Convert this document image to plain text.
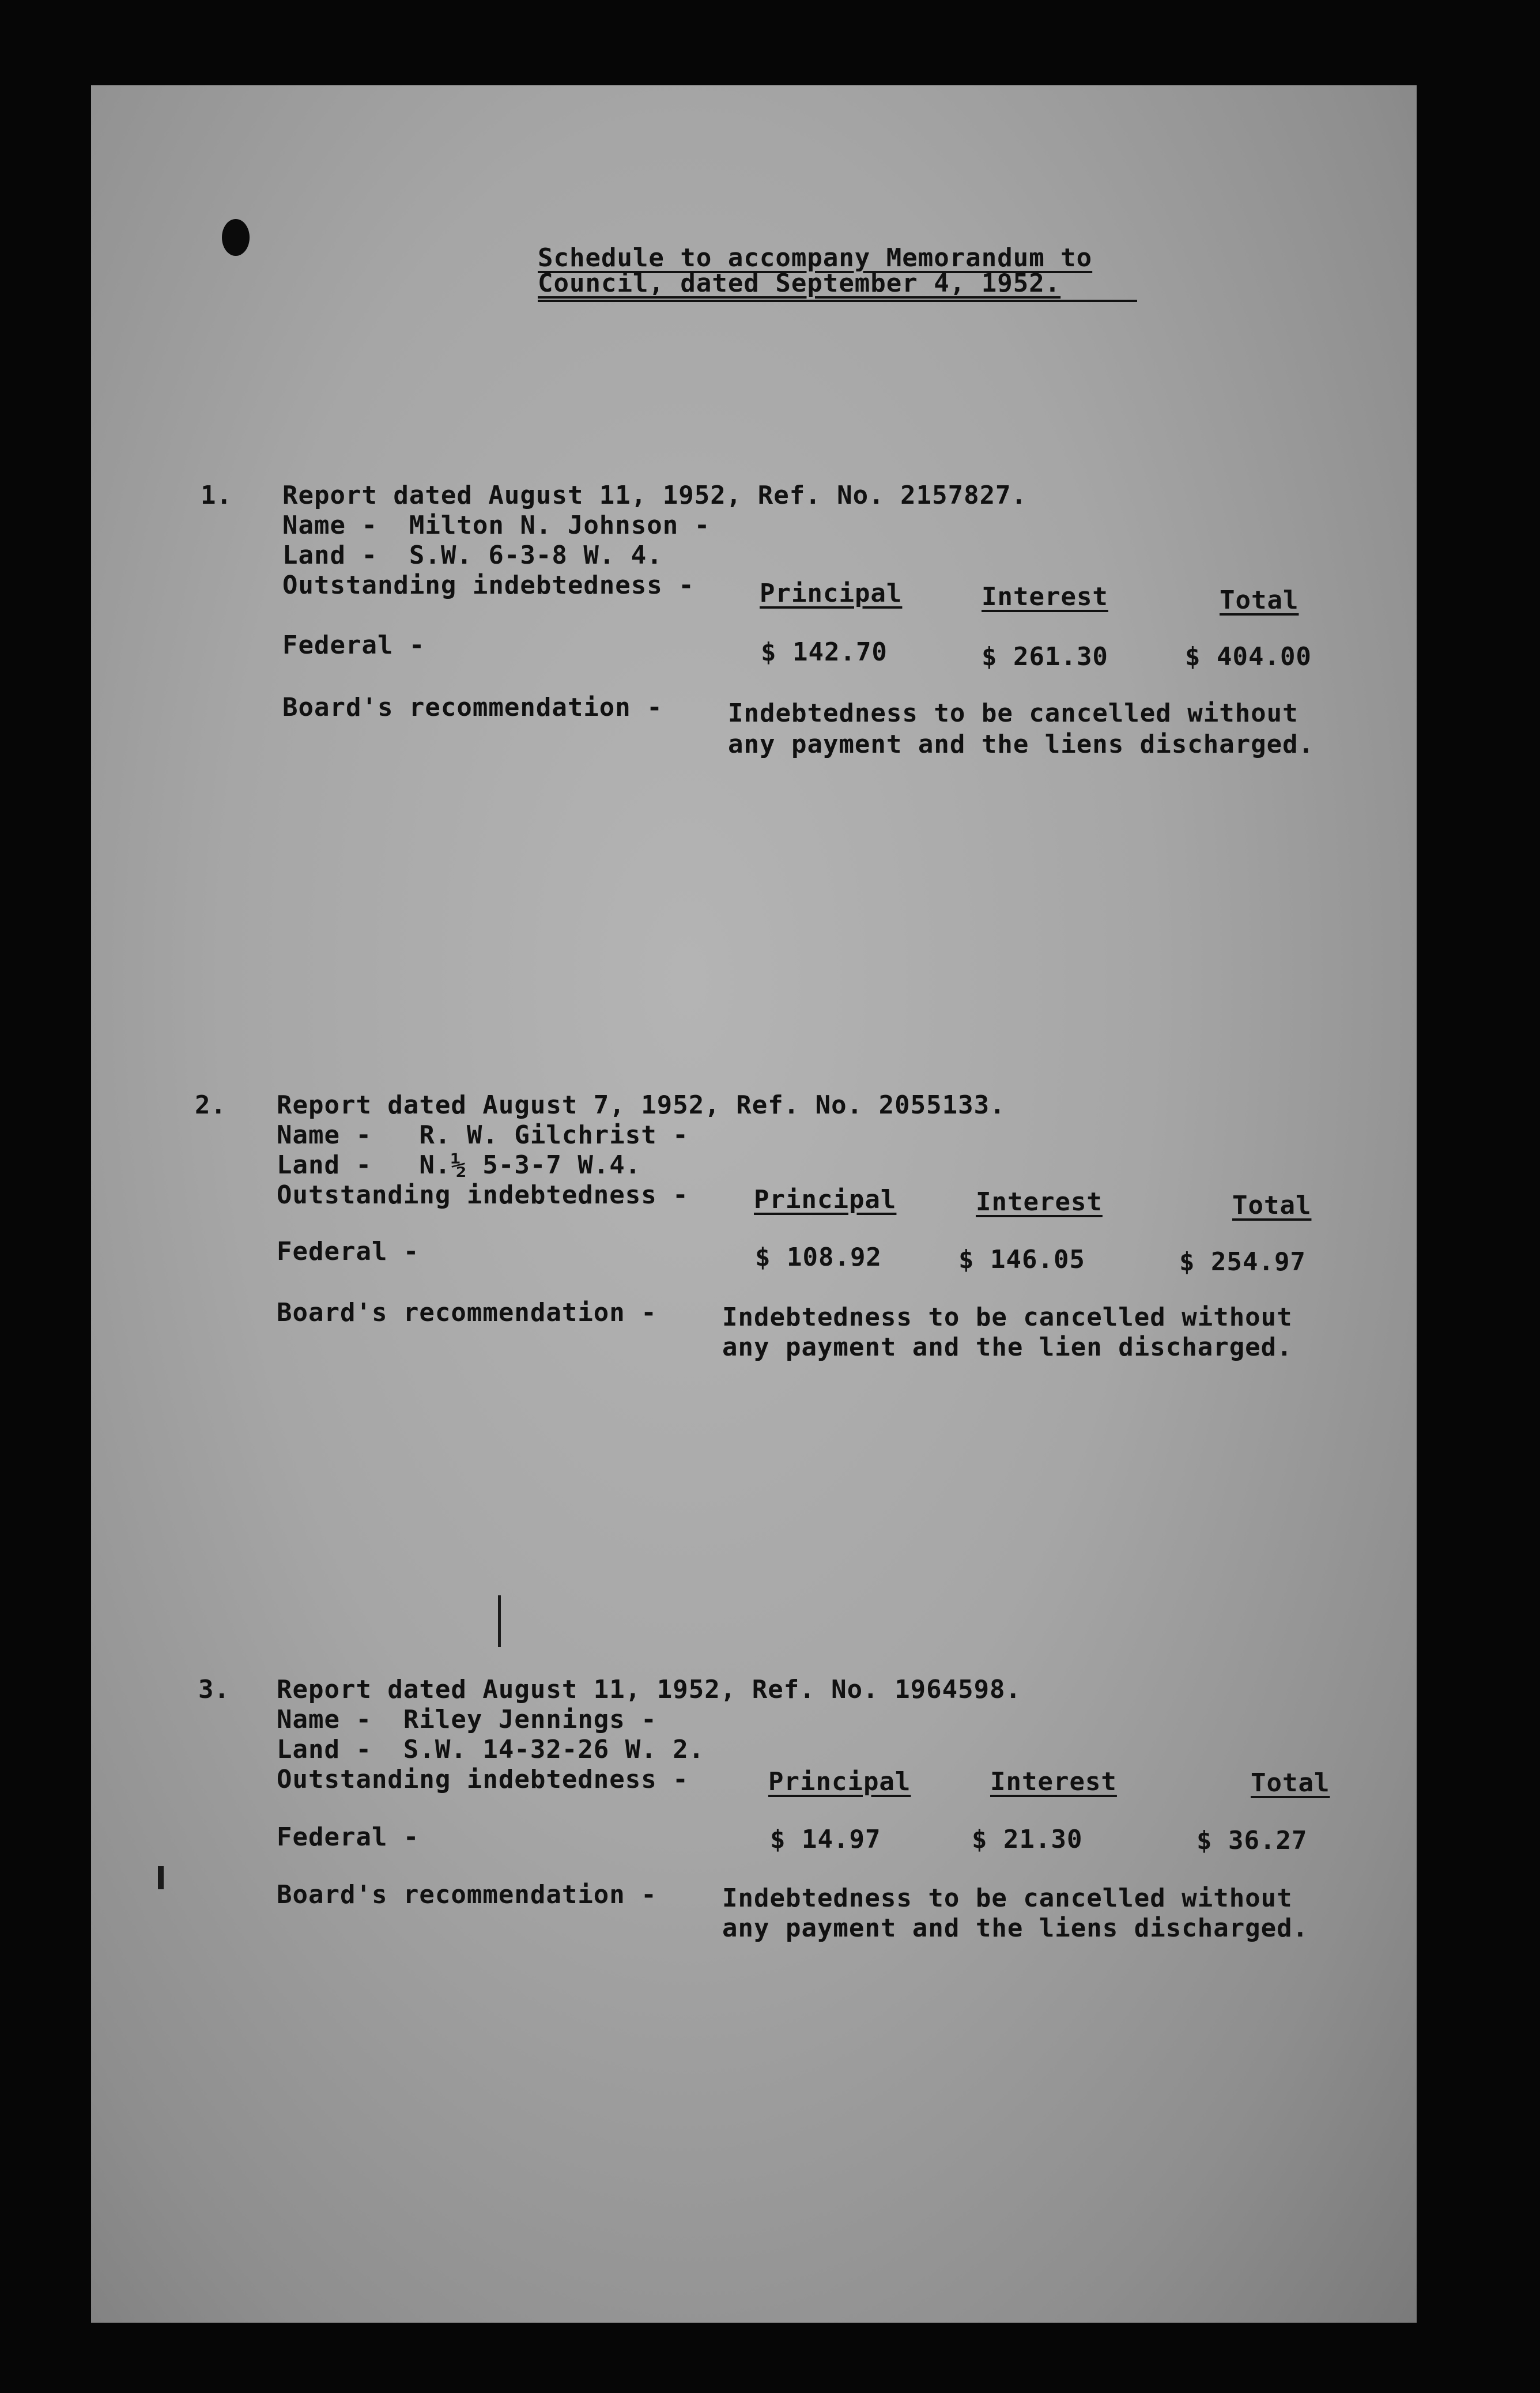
Schedule to accompany Memorandum to
Council, dated September 4, 1952.
1. Report dated August 11, 1952, Ref. No. 2157827.
Name -  Milton N. Johnson -
Land -  S.W. 6-3-8 W. 4.
Outstanding indebtedness -	Principal	Interest	Total
Federal -	$ 142.70	$ 261.30	$ 404.00
Board's recommendation -	Indebtedness to be cancelled without
any payment and the liens discharged.
2. Report dated August 7, 1952, Ref. No. 2055133.
Name -   R. W. Gilchrist -
Land -   N.½ 5-3-7 W.4.
Outstanding indebtedness -	Principal	Interest	Total
Federal -	$ 108.92	$ 146.05	$ 254.97
Board's recommendation -	Indebtedness to be cancelled without
any payment and the lien discharged.
3. Report dated August 11, 1952, Ref. No. 1964598.
Name -  Riley Jennings -
Land -  S.W. 14-32-26 W. 2.
Outstanding indebtedness -	Principal	Interest	Total
Federal -	$ 14.97	$ 21.30	$ 36.27
Board's recommendation -	Indebtedness to be cancelled without
any payment and the liens discharged.
